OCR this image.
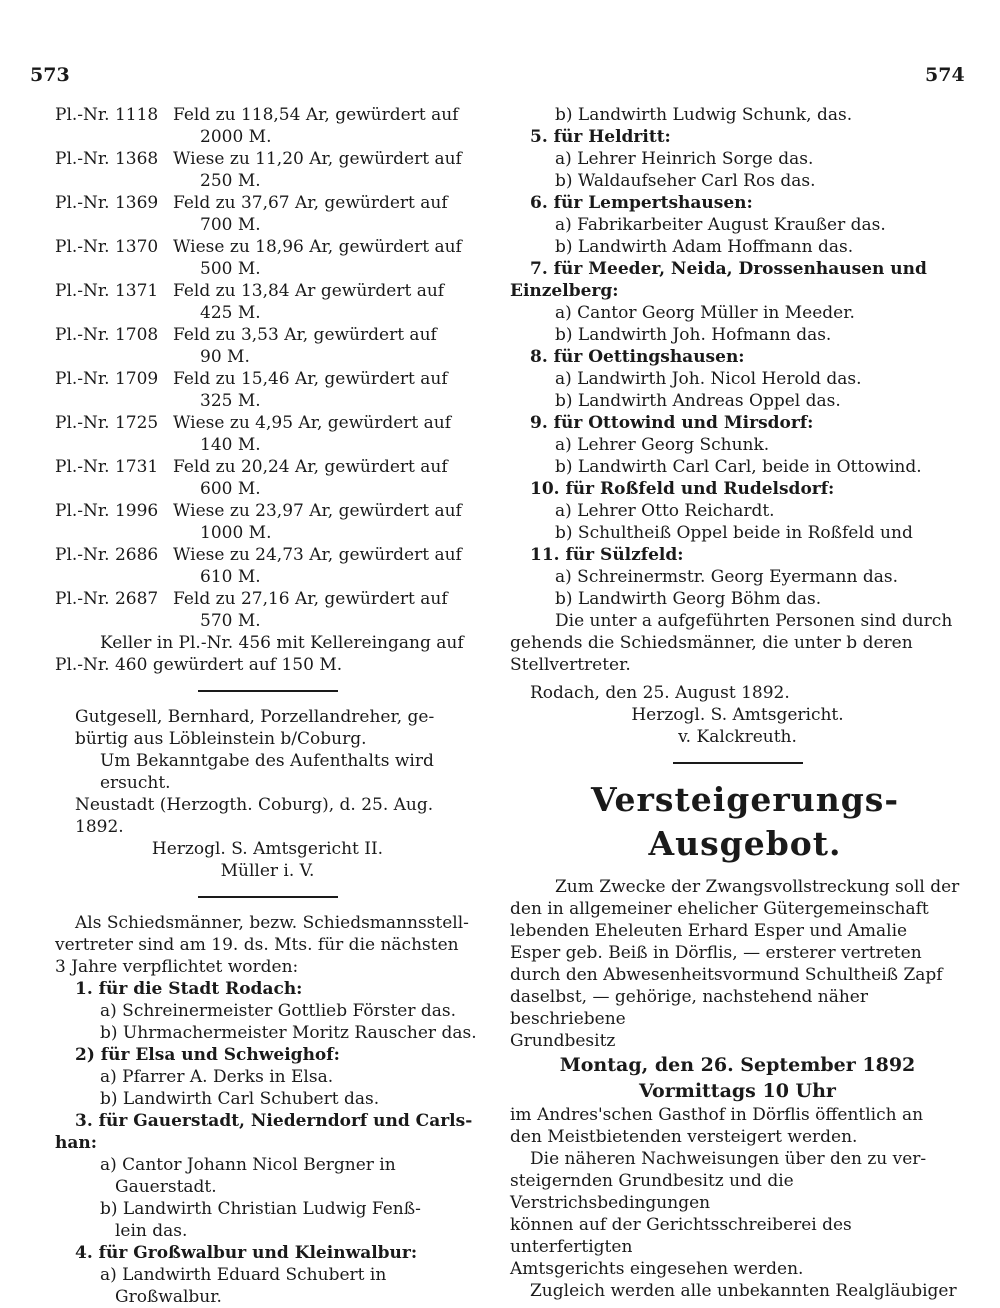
573	574
Pl.-Nr. 1118 Feld zu 118,54 Ar, gewürdert auf
2000 M.
Pl.-Nr. 1368 Wiese zu 11,20 Ar, gewürdert auf
250 M.
Pl.-Nr. 1369 Feld zu 37,67 Ar, gewürdert auf
700 M.
Pl.-Nr. 1370 Wiese zu 18,96 Ar, gewürdert auf
500 M.
Pl.-Nr. 1371 Feld zu 13,84 Ar gewürdert auf
425 M.
Pl.-Nr. 1708 Feld zu 3,53 Ar, gewürdert auf
90 M.
Pl.-Nr. 1709 Feld zu 15,46 Ar, gewürdert auf
325 M.
Pl.-Nr. 1725 Wiese zu 4,95 Ar, gewürdert auf
140 M.
Pl.-Nr. 1731 Feld zu 20,24 Ar, gewürdert auf
600 M.
Pl.-Nr. 1996 Wiese zu 23,97 Ar, gewürdert auf
1000 M.
Pl.-Nr. 2686 Wiese zu 24,73 Ar, gewürdert auf
610 M.
Pl.-Nr. 2687 Feld zu 27,16 Ar, gewürdert auf
570 M.
Keller in Pl.-Nr. 456 mit Kellereingang auf
Pl.-Nr. 460 gewürdert auf 150 M.
Gutgesell, Bernhard, Porzellandreher, ge-
bürtig aus Löbleinstein b/Coburg.
Um Bekanntgabe des Aufenthalts wird ersucht.
Neustadt (Herzogth. Coburg), d. 25. Aug. 1892.
Herzogl. S. Amtsgericht II.
Müller i. V.
Als Schiedsmänner, bezw. Schiedsmannsstell-
vertreter sind am 19. ds. Mts. für die nächsten
3 Jahre verpflichtet worden:
1. für die Stadt Rodach:
a) Schreinermeister Gottlieb Förster das.
b) Uhrmachermeister Moritz Rauscher das.
2) für Elsa und Schweighof:
a) Pfarrer A. Derks in Elsa.
b) Landwirth Carl Schubert das.
3. für Gauerstadt, Niederndorf und Carls-
han:
a) Cantor Johann Nicol Bergner in
Gauerstadt.
b) Landwirth Christian Ludwig Fenß-
lein das.
4. für Großwalbur und Kleinwalbur:
a) Landwirth Eduard Schubert in
Großwalbur.
b) Landwirth Ludwig Schunk, das.
5. für Heldritt:
a) Lehrer Heinrich Sorge das.
b) Waldaufseher Carl Ros das.
6. für Lempertshausen:
a) Fabrikarbeiter August Kraußer das.
b) Landwirth Adam Hoffmann das.
7. für Meeder, Neida, Drossenhausen und
Einzelberg:
a) Cantor Georg Müller in Meeder.
b) Landwirth Joh. Hofmann das.
8. für Oettingshausen:
a) Landwirth Joh. Nicol Herold das.
b) Landwirth Andreas Oppel das.
9. für Ottowind und Mirsdorf:
a) Lehrer Georg Schunk.
b) Landwirth Carl Carl, beide in Ottowind.
10. für Roßfeld und Rudelsdorf:
a) Lehrer Otto Reichardt.
b) Schultheiß Oppel beide in Roßfeld und
11. für Sülzfeld:
a) Schreinermstr. Georg Eyermann das.
b) Landwirth Georg Böhm das.
Die unter a aufgeführten Personen sind durch
gehends die Schiedsmänner, die unter b deren
Stellvertreter.
Rodach, den 25. August 1892.
Herzogl. S. Amtsgericht.
v. Kalckreuth.
Versteigerungs-Ausgebot.
Zum Zwecke der Zwangsvollstreckung soll der
den in allgemeiner ehelicher Gütergemeinschaft
lebenden Eheleuten Erhard Esper und Amalie
Esper geb. Beiß in Dörflis, — ersterer vertreten
durch den Abwesenheitsvormund Schultheiß Zapf
daselbst, — gehörige, nachstehend näher beschriebene
Grundbesitz
Montag, den 26. September 1892
Vormittags 10 Uhr
im Andres'schen Gasthof in Dörflis öffentlich an
den Meistbietenden versteigert werden.
Die näheren Nachweisungen über den zu ver-
steigernden Grundbesitz und die Verstrichsbedingungen
können auf der Gerichtsschreiberei des unterfertigten
Amtsgerichts eingesehen werden.
Zugleich werden alle unbekannten Realgläubiger
